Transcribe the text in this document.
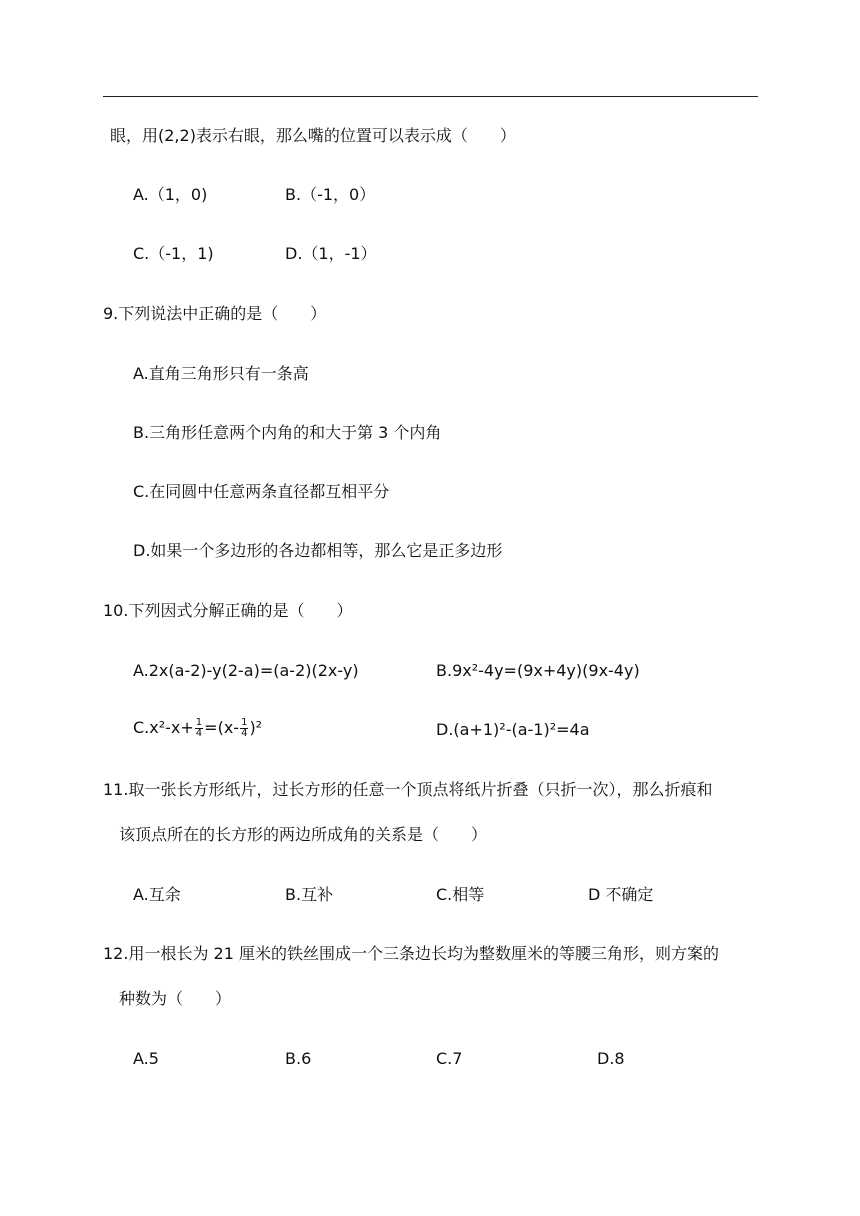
眼，用(2,2)表示右眼，那么嘴的位置可以表示成（　　）
A.（1，0)	B.（-1，0）
C.（-1，1)	D.（1，-1）
9.下列说法中正确的是（　　）
A.直角三角形只有一条高
B.三角形任意两个内角的和大于第 3 个内角
C.在同圆中任意两条直径都互相平分
D.如果一个多边形的各边都相等，那么它是正多边形
10.下列因式分解正确的是（　　）
A.2x(a-2)-y(2-a)=(a-2)(2x-y)	B.9x²-4y=(9x+4y)(9x-4y)
$C.x^2-x+ \frac{1}{4} =(x- \frac{1}{4} )^2$	D.(a+1)²-(a-1)²=4a
11.取一张长方形纸片，过长方形的任意一个顶点将纸片折叠（只折一次），那么折痕和
该顶点所在的长方形的两边所成角的关系是（　　）
A.互余	B.互补	C.相等	D 不确定
12.用一根长为 21 厘米的铁丝围成一个三条边长均为整数厘米的等腰三角形，则方案的
种数为（　　）
A.5	B.6	C.7	D.8
